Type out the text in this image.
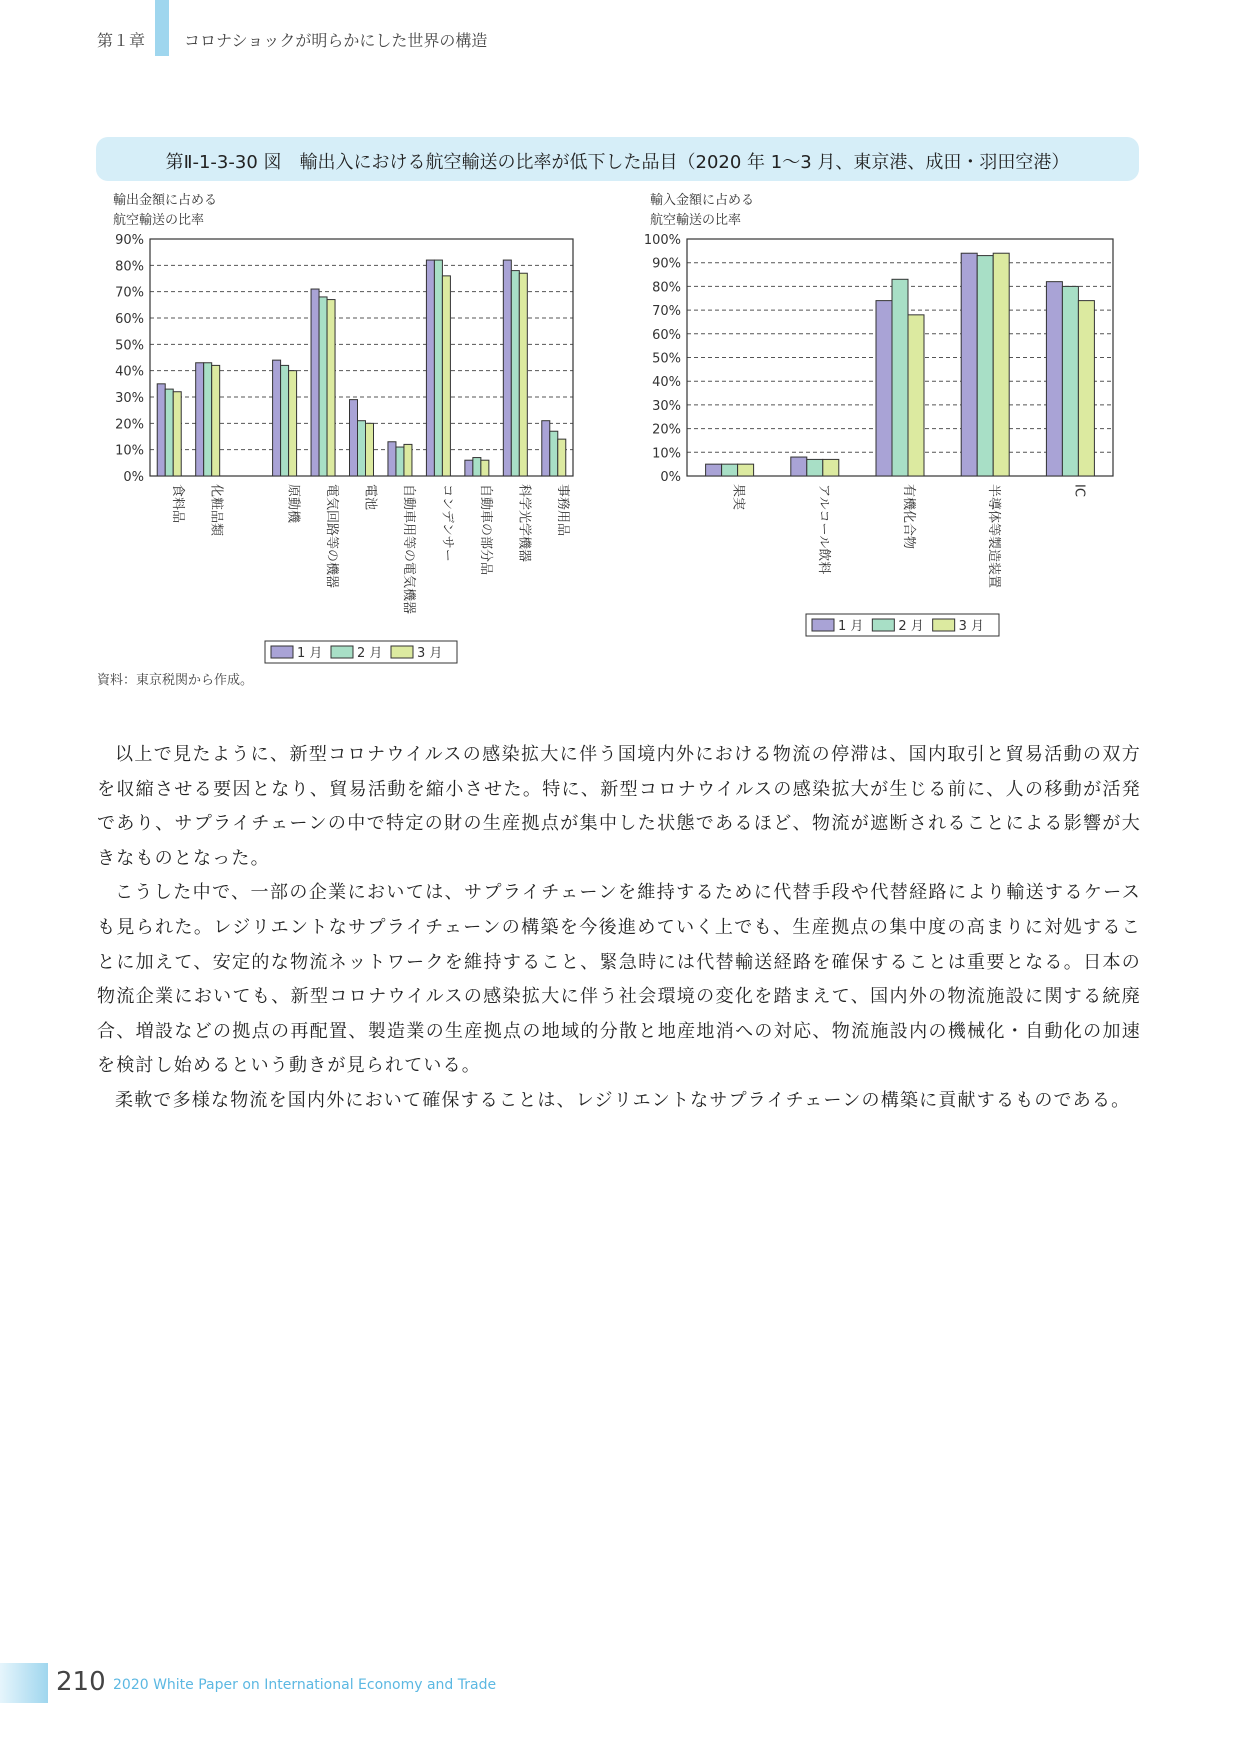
第１章 コロナショックが明らかにした世界の構造
第Ⅱ-1-3-30 図　輸出入における航空輸送の比率が低下した品目（2020 年 1～3 月、東京港、成田・羽田空港）
輸出金額に占める
航空輸送の比率
0%
10%
20%
30%
40%
50%
60%
70%
80%
90%
食料品 化粧品類	原動機 電気回路等の機器 電池 自動車用等の電気機器 コンデンサー 自動車の部分品 科学光学機器 事務用品
1 月	2 月	3 月
輸入金額に占める
航空輸送の比率
0%
10%
20%
30%
40%
50%
60%
70%
80%
90%
100%
果実	アルコール飲料	有機化合物	半導体等製造装置	IC
1 月	2 月	3 月
資料：東京税関から作成。

以上で見たように、新型コロナウイルスの感染拡大に伴う国境内外における物流の停滞は、国内取引と貿易活動の双方を収縮させる要因となり、貿易活動を縮小させた。特に、新型コロナウイルスの感染拡大が生じる前に、人の移動が活発であり、サプライチェーンの中で特定の財の生産拠点が集中した状態であるほど、物流が遮断されることによる影響が大きなものとなった。

こうした中で、一部の企業においては、サプライチェーンを維持するために代替手段や代替経路により輸送するケースも見られた。レジリエントなサプライチェーンの構築を今後進めていく上でも、生産拠点の集中度の高まりに対処することに加えて、安定的な物流ネットワークを維持すること、緊急時には代替輸送経路を確保することは重要となる。日本の物流企業においても、新型コロナウイルスの感染拡大に伴う社会環境の変化を踏まえて、国内外の物流施設に関する統廃合、増設などの拠点の再配置、製造業の生産拠点の地域的分散と地産地消への対応、物流施設内の機械化・自動化の加速を検討し始めるという動きが見られている。

柔軟で多様な物流を国内外において確保することは、レジリエントなサプライチェーンの構築に貢献するものである。

210 2020 White Paper on International Economy and Trade
